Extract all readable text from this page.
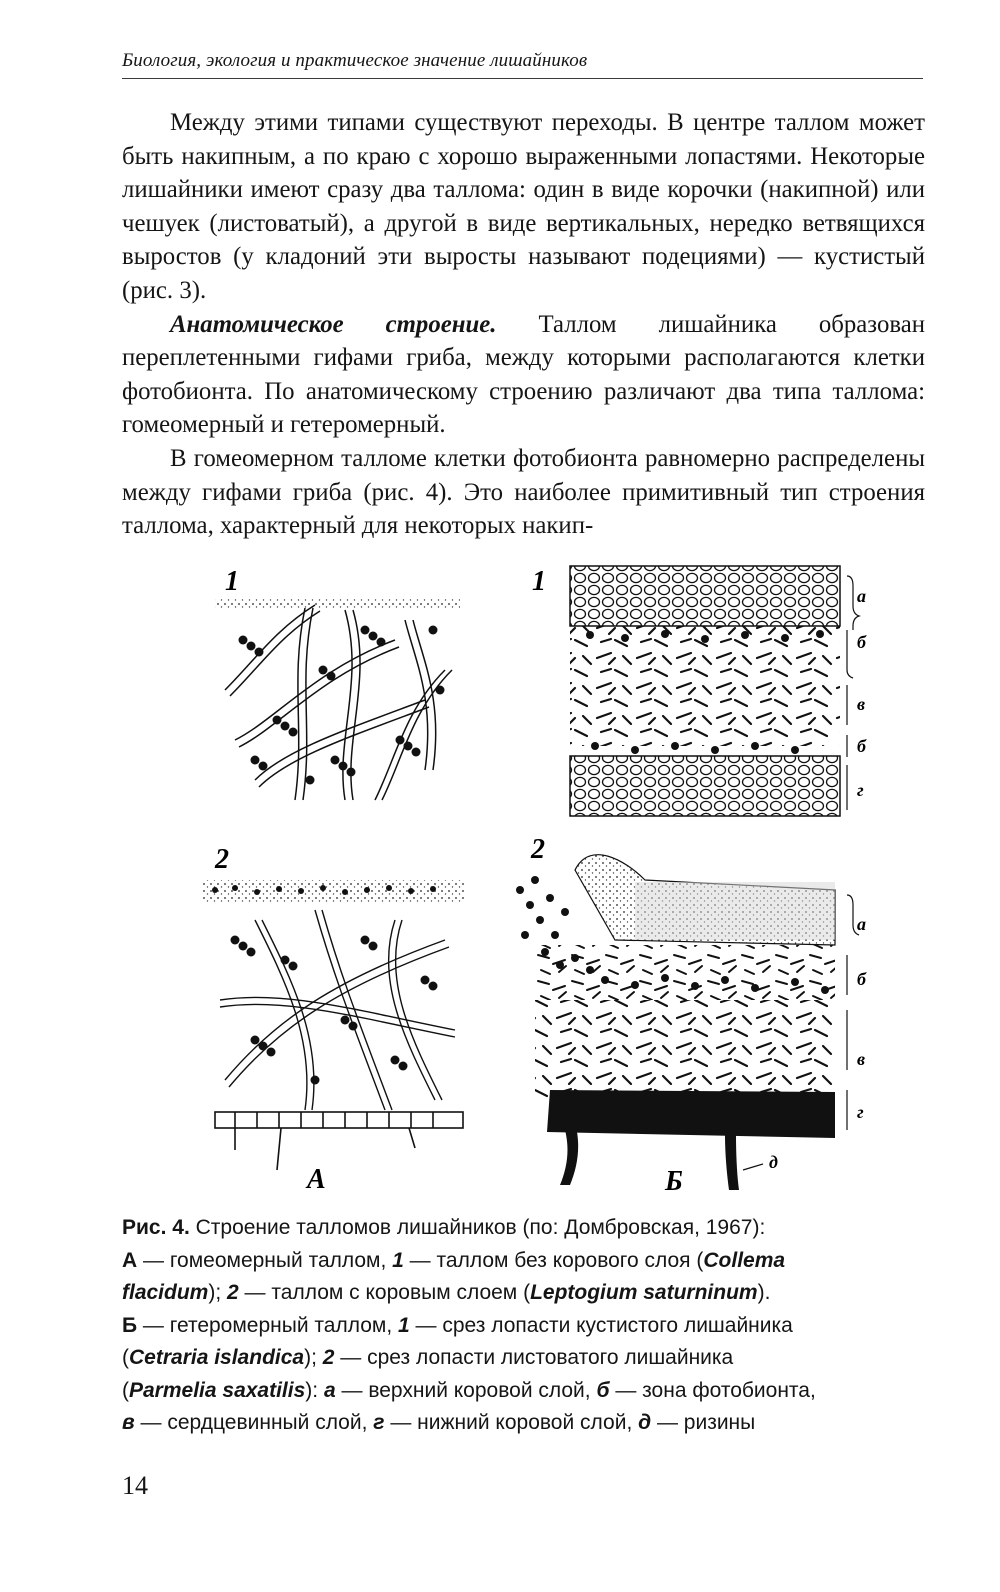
Биология, экология и практическое значение лишайников

Между этими типами существуют переходы. В центре таллом может быть накипным, а по краю с хорошо выраженными лопастями. Некоторые лишайники имеют сразу два таллома: один в виде корочки (накипной) или чешуек (листоватый), а другой в виде вертикальных, нередко ветвящихся выростов (у кладоний эти выросты называют подециями) — кустистый (рис. 3).

Анатомическое строение. Таллом лишайника образован переплетенными гифами гриба, между которыми располагаются клетки фотобионта. По анатомическому строению различают два типа таллома: гомеомерный и гетеромерный.

В гомеомерном талломе клетки фотобионта равномерно распределены между гифами гриба (рис. 4). Это наиболее примитивный тип строения таллома, характерный для некоторых накип-

1
2
А
а
б
в
б
г
1
а
б
в
г
д
2
Б
Рис. 4. Строение талломов лишайников (по: Домбровская, 1967):
А — гомеомерный таллом, 1 — таллом без корового слоя (Collema
flacidum); 2 — таллом с коровым слоем (Leptogium saturninum).
Б — гетеромерный таллом, 1 — срез лопасти кустистого лишайника
(Cetraria islandica); 2 — срез лопасти листоватого лишайника
(Parmelia saxatilis): а — верхний коровой слой, б — зона фотобионта,
в — сердцевинный слой, г — нижний коровой слой, д — ризины
14
